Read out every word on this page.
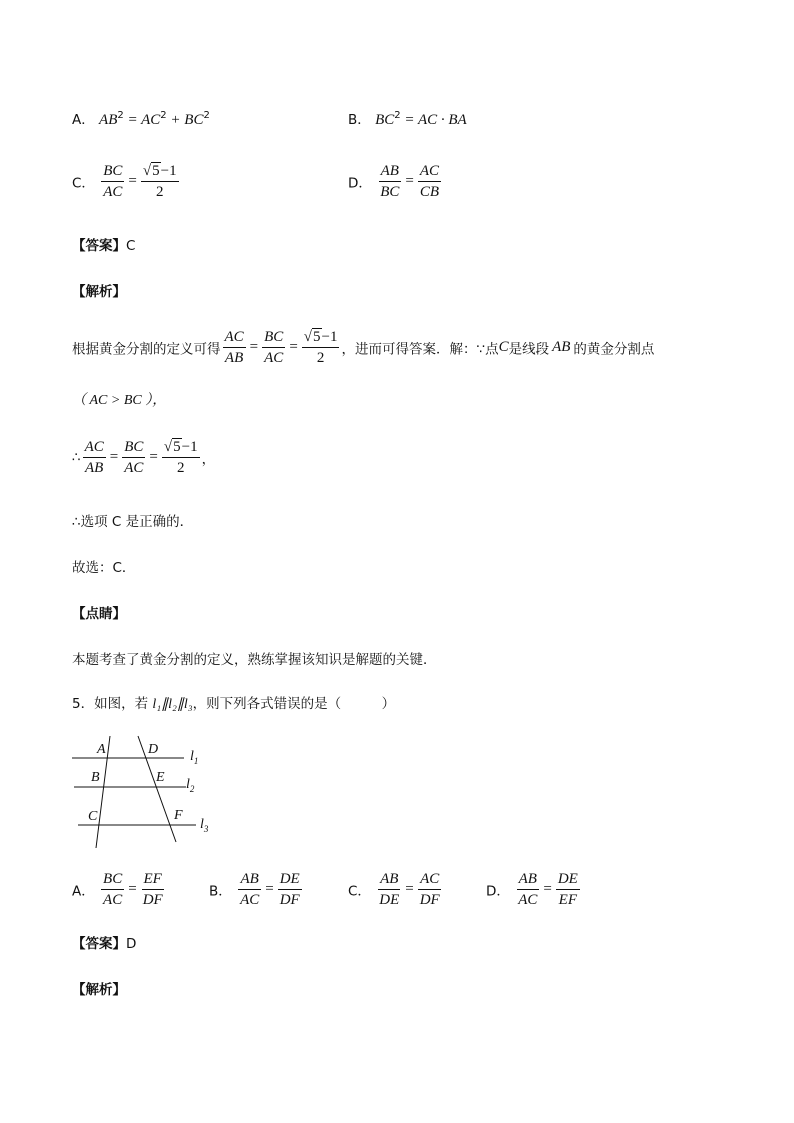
A． $AB^2 = AC^2 + BC^2$	B． $BC^2$ = AC · BA
C． $\frac{BC}{AC} = \frac{√5-1}{2}$	D． $\frac{AB}{BC} = \frac{AC}{CB}$
【答案】C
【解析】
根据黄金分割的定义可得 $\frac{AC}{AB} = \frac{BC}{AC} = \frac{√5-1}{2}$ ，进而可得答案．解：∵点C是线段 AB 的黄金分割点
（ AC > BC ），
∴ $\frac{AC}{AB} = \frac{BC}{AC} = \frac{√5-1}{2}$ ，
∴选项 C 是正确的．
故选：C．
【点睛】
本题考查了黄金分割的定义，熟练掌握该知识是解题的关键．
5．如图，若 l₁∥l₂∥l₃，则下列各式错误的是（　　　）
A	D $l_1$
B	E $l_2$
C	F
$l_3$
A． $\frac{BC}{AC} = \frac{EF}{DF}$	B． $\frac{AB}{AC} = \frac{DE}{DF}$	C． $\frac{AB}{DE} = \frac{AC}{DF}$	D． $\frac{AB}{AC} = \frac{DE}{EF}$
【答案】D
【解析】
